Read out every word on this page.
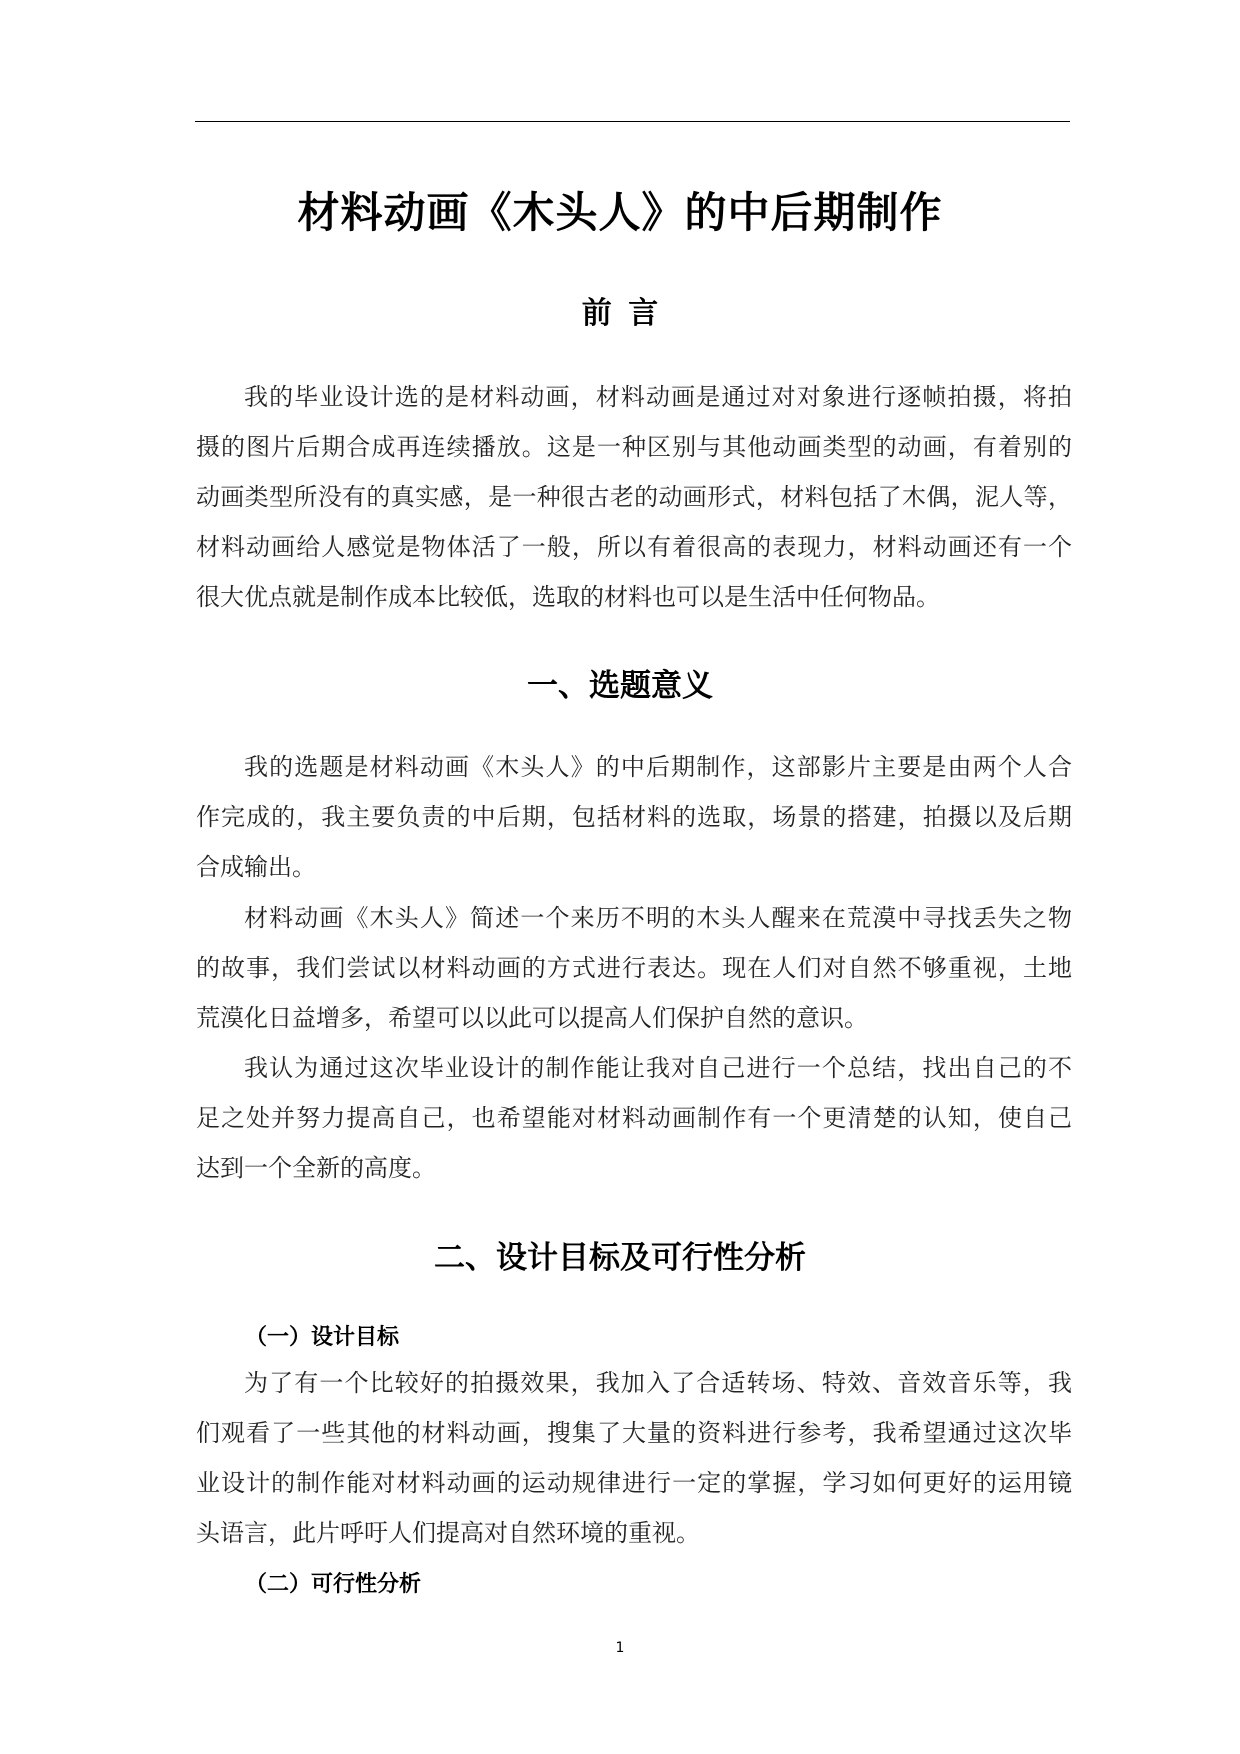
材料动画《木头人》的中后期制作
前 言
我的毕业设计选的是材料动画，材料动画是通过对对象进行逐帧拍摄，将拍
摄的图片后期合成再连续播放。这是一种区别与其他动画类型的动画，有着别的
动画类型所没有的真实感，是一种很古老的动画形式，材料包括了木偶，泥人等，
材料动画给人感觉是物体活了一般，所以有着很高的表现力，材料动画还有一个
很大优点就是制作成本比较低，选取的材料也可以是生活中任何物品。
一、选题意义
我的选题是材料动画《木头人》的中后期制作，这部影片主要是由两个人合
作完成的，我主要负责的中后期，包括材料的选取，场景的搭建，拍摄以及后期
合成输出。
材料动画《木头人》简述一个来历不明的木头人醒来在荒漠中寻找丢失之物
的故事，我们尝试以材料动画的方式进行表达。现在人们对自然不够重视，土地
荒漠化日益增多，希望可以以此可以提高人们保护自然的意识。
我认为通过这次毕业设计的制作能让我对自己进行一个总结，找出自己的不
足之处并努力提高自己，也希望能对材料动画制作有一个更清楚的认知，使自己
达到一个全新的高度。
二、设计目标及可行性分析
（一）设计目标
为了有一个比较好的拍摄效果，我加入了合适转场、特效、音效音乐等，我
们观看了一些其他的材料动画，搜集了大量的资料进行参考，我希望通过这次毕
业设计的制作能对材料动画的运动规律进行一定的掌握，学习如何更好的运用镜
头语言，此片呼吁人们提高对自然环境的重视。
（二）可行性分析
1
